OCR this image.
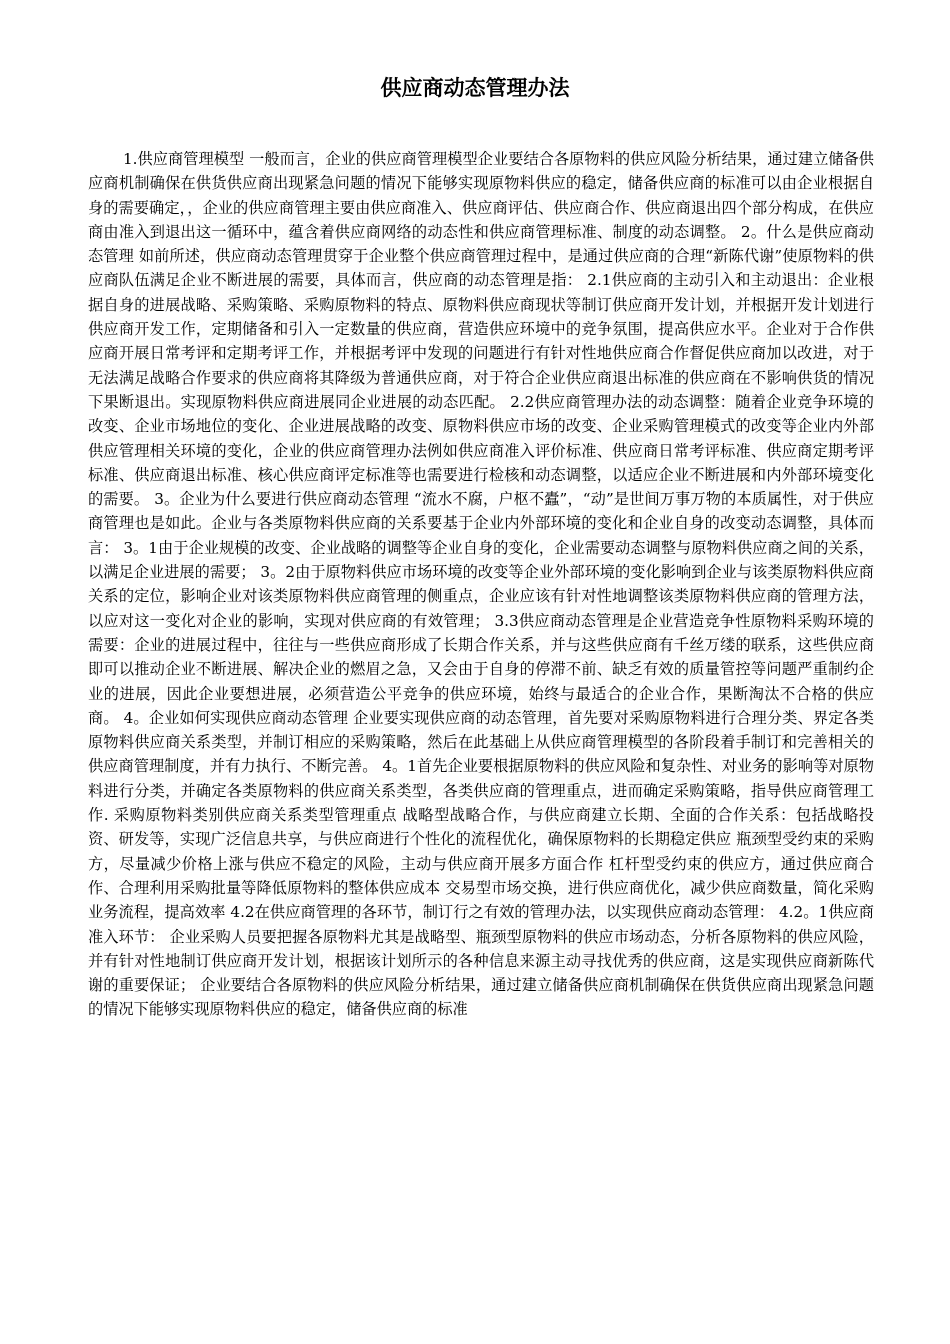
供应商动态管理办法

1.供应商管理模型 一般而言，企业的供应商管理模型企业要结合各原物料的供应风险分析结果，通过建立储备供应商机制确保在供货供应商出现紧急问题的情况下能够实现原物料供应的稳定，储备供应商的标准可以由企业根据自身的需要确定，，企业的供应商管理主要由供应商准入、供应商评估、供应商合作、供应商退出四个部分构成，在供应商由准入到退出这一循环中，蕴含着供应商网络的动态性和供应商管理标准、制度的动态调整。 2。什么是供应商动态管理 如前所述，供应商动态管理贯穿于企业整个供应商管理过程中，是通过供应商的合理“新陈代谢”使原物料的供应商队伍满足企业不断进展的需要，具体而言，供应商的动态管理是指： 2.1供应商的主动引入和主动退出：企业根据自身的进展战略、采购策略、采购原物料的特点、原物料供应商现状等制订供应商开发计划，并根据开发计划进行供应商开发工作，定期储备和引入一定数量的供应商，营造供应环境中的竞争氛围，提高供应水平。企业对于合作供应商开展日常考评和定期考评工作，并根据考评中发现的问题进行有针对性地供应商合作督促供应商加以改进，对于无法满足战略合作要求的供应商将其降级为普通供应商，对于符合企业供应商退出标准的供应商在不影响供货的情况下果断退出。实现原物料供应商进展同企业进展的动态匹配。 2.2供应商管理办法的动态调整：随着企业竞争环境的改变、企业市场地位的变化、企业进展战略的改变、原物料供应市场的改变、企业采购管理模式的改变等企业内外部供应管理相关环境的变化，企业的供应商管理办法例如供应商准入评价标准、供应商日常考评标准、供应商定期考评标准、供应商退出标准、核心供应商评定标准等也需要进行检核和动态调整，以适应企业不断进展和内外部环境变化的需要。 3。企业为什么要进行供应商动态管理 “流水不腐，户枢不蠹”，“动”是世间万事万物的本质属性，对于供应商管理也是如此。企业与各类原物料供应商的关系要基于企业内外部环境的变化和企业自身的改变动态调整，具体而言： 3。1由于企业规模的改变、企业战略的调整等企业自身的变化，企业需要动态调整与原物料供应商之间的关系，以满足企业进展的需要； 3。2由于原物料供应市场环境的改变等企业外部环境的变化影响到企业与该类原物料供应商关系的定位，影响企业对该类原物料供应商管理的侧重点，企业应该有针对性地调整该类原物料供应商的管理方法，以应对这一变化对企业的影响，实现对供应商的有效管理； 3.3供应商动态管理是企业营造竞争性原物料采购环境的需要：企业的进展过程中，往往与一些供应商形成了长期合作关系，并与这些供应商有千丝万缕的联系，这些供应商即可以推动企业不断进展、解决企业的燃眉之急，又会由于自身的停滞不前、缺乏有效的质量管控等问题严重制约企业的进展，因此企业要想进展，必须营造公平竞争的供应环境，始终与最适合的企业合作，果断淘汰不合格的供应商。 4。企业如何实现供应商动态管理 企业要实现供应商的动态管理，首先要对采购原物料进行合理分类、界定各类原物料供应商关系类型，并制订相应的采购策略，然后在此基础上从供应商管理模型的各阶段着手制订和完善相关的供应商管理制度，并有力执行、不断完善。 4。1首先企业要根据原物料的供应风险和复杂性、对业务的影响等对原物料进行分类，并确定各类原物料的供应商关系类型，各类供应商的管理重点，进而确定采购策略，指导供应商管理工作. 采购原物料类别供应商关系类型管理重点 战略型战略合作，与供应商建立长期、全面的合作关系：包括战略投资、研发等，实现广泛信息共享，与供应商进行个性化的流程优化，确保原物料的长期稳定供应 瓶颈型受约束的采购方，尽量减少价格上涨与供应不稳定的风险，主动与供应商开展多方面合作 杠杆型受约束的供应方，通过供应商合作、合理利用采购批量等降低原物料的整体供应成本 交易型市场交换，进行供应商优化，减少供应商数量，简化采购业务流程，提高效率 4.2在供应商管理的各环节，制订行之有效的管理办法，以实现供应商动态管理： 4.2。1供应商准入环节： 企业采购人员要把握各原物料尤其是战略型、瓶颈型原物料的供应市场动态，分析各原物料的供应风险，并有针对性地制订供应商开发计划，根据该计划所示的各种信息来源主动寻找优秀的供应商，这是实现供应商新陈代谢的重要保证； 企业要结合各原物料的供应风险分析结果，通过建立储备供应商机制确保在供货供应商出现紧急问题的情况下能够实现原物料供应的稳定，储备供应商的标准
